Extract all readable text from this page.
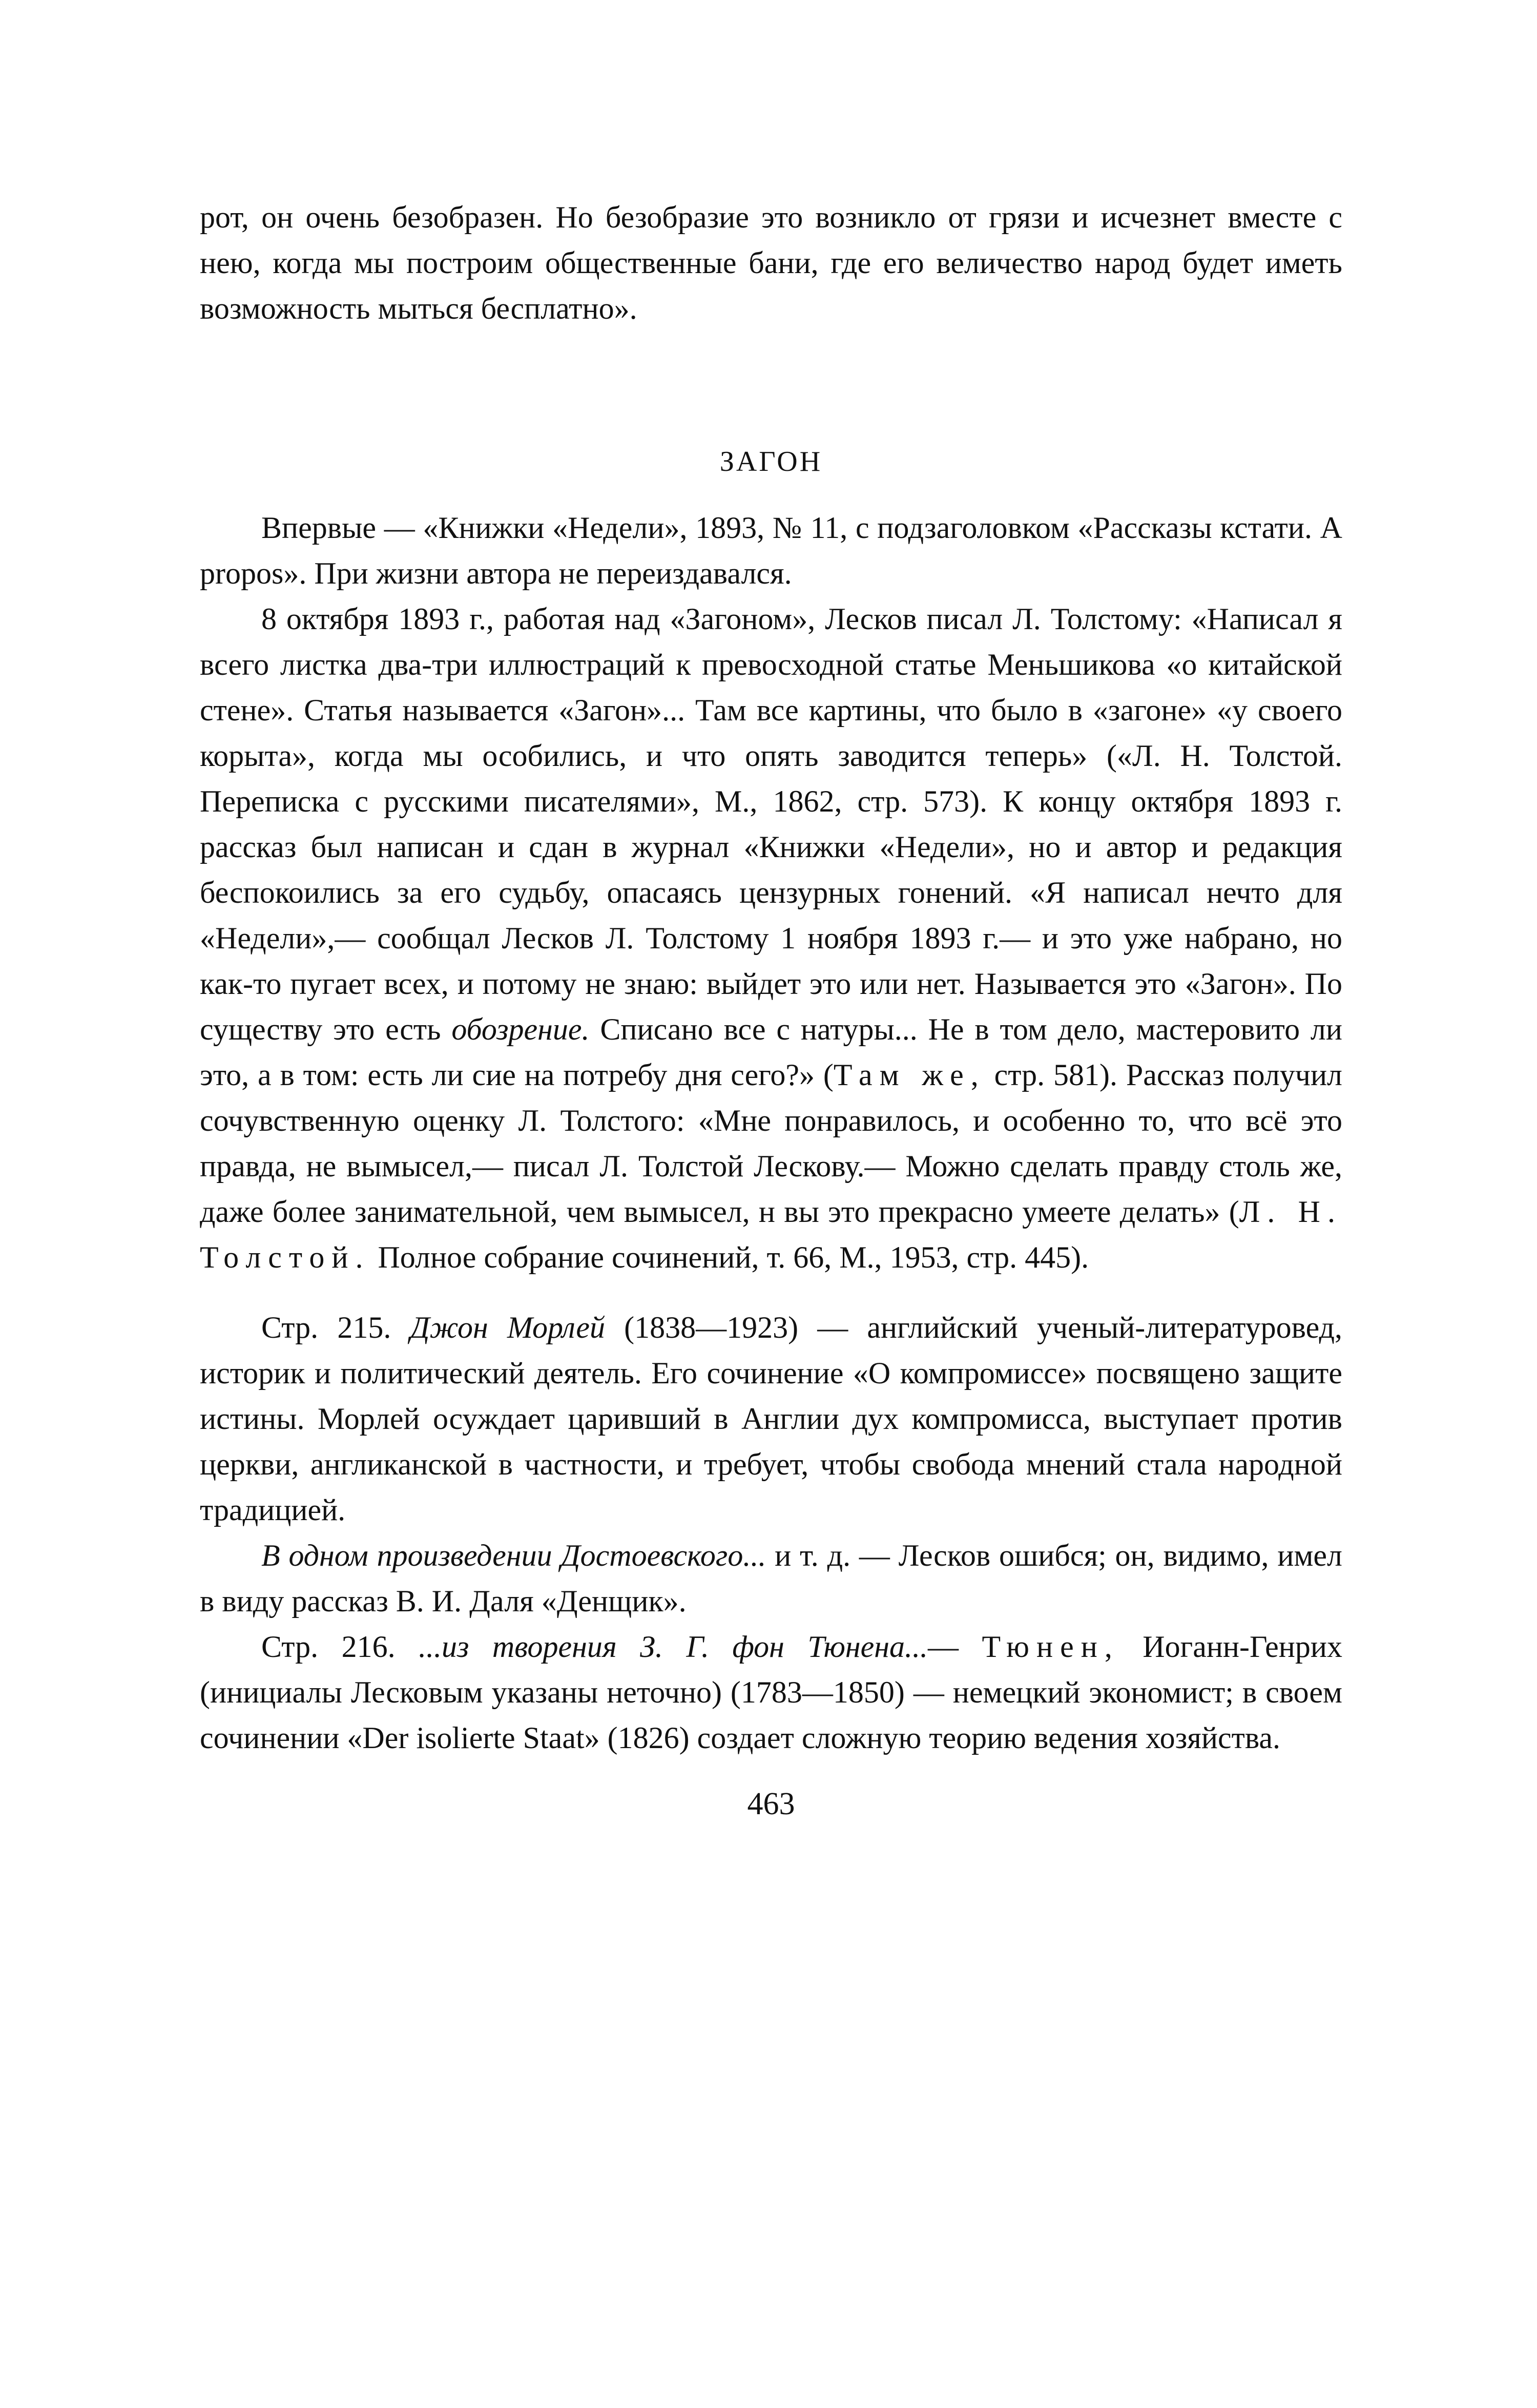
рот, он очень безобразен. Но безобразие это возникло от грязи и исчезнет вместе с нею, когда мы построим общественные бани, где его величество народ будет иметь возможность мыться бесплатно».

ЗАГОН

Впервые — «Книжки «Недели», 1893, № 11, с подзаголовком «Рассказы кстати. A propos». При жизни автора не переиздавался.

8 октября 1893 г., работая над «Загоном», Лесков писал Л. Толстому: «Написал я всего листка два-три иллюстраций к превосходной статье Меньшикова «о китайской стене». Статья называется «Загон»... Там все картины, что было в «загоне» «у своего корыта», когда мы особились, и что опять заводится теперь» («Л. Н. Толстой. Переписка с русскими писателями», М., 1862, стр. 573). К концу октября 1893 г. рассказ был написан и сдан в журнал «Книжки «Недели», но и автор и редакция беспокоились за его судьбу, опасаясь цензурных гонений. «Я написал нечто для «Недели»,— сообщал Лесков Л. Толстому 1 ноября 1893 г.— и это уже набрано, но как-то пугает всех, и потому не знаю: выйдет это или нет. Называется это «Загон». По существу это есть обозрение. Списано все с натуры... Не в том дело, мастеровито ли это, а в том: есть ли сие на потребу дня сего?» (Там же, стр. 581). Рассказ получил сочувственную оценку Л. Толстого: «Мне понравилось, и особенно то, что всё это правда, не вымысел,— писал Л. Толстой Лескову.— Можно сделать правду столь же, даже более занимательной, чем вымысел, н вы это прекрасно умеете делать» (Л. Н. Толстой. Полное собрание сочинений, т. 66, М., 1953, стр. 445).

Стр. 215. Джон Морлей (1838—1923) — английский ученый-литературовед, историк и политический деятель. Его сочинение «О компромиссе» посвящено защите истины. Морлей осуждает царивший в Англии дух компромисса, выступает против церкви, англиканской в частности, и требует, чтобы свобода мнений стала народной традицией.

В одном произведении Достоевского... и т. д. — Лесков ошибся; он, видимо, имел в виду рассказ В. И. Даля «Денщик».

Стр. 216. ...из творения З. Г. фон Тюнена...— Тюнен, Иоганн-Генрих (инициалы Лесковым указаны неточно) (1783—1850) — немецкий экономист; в своем сочинении «Der isolierte Staat» (1826) создает сложную теорию ведения хозяйства.

463
